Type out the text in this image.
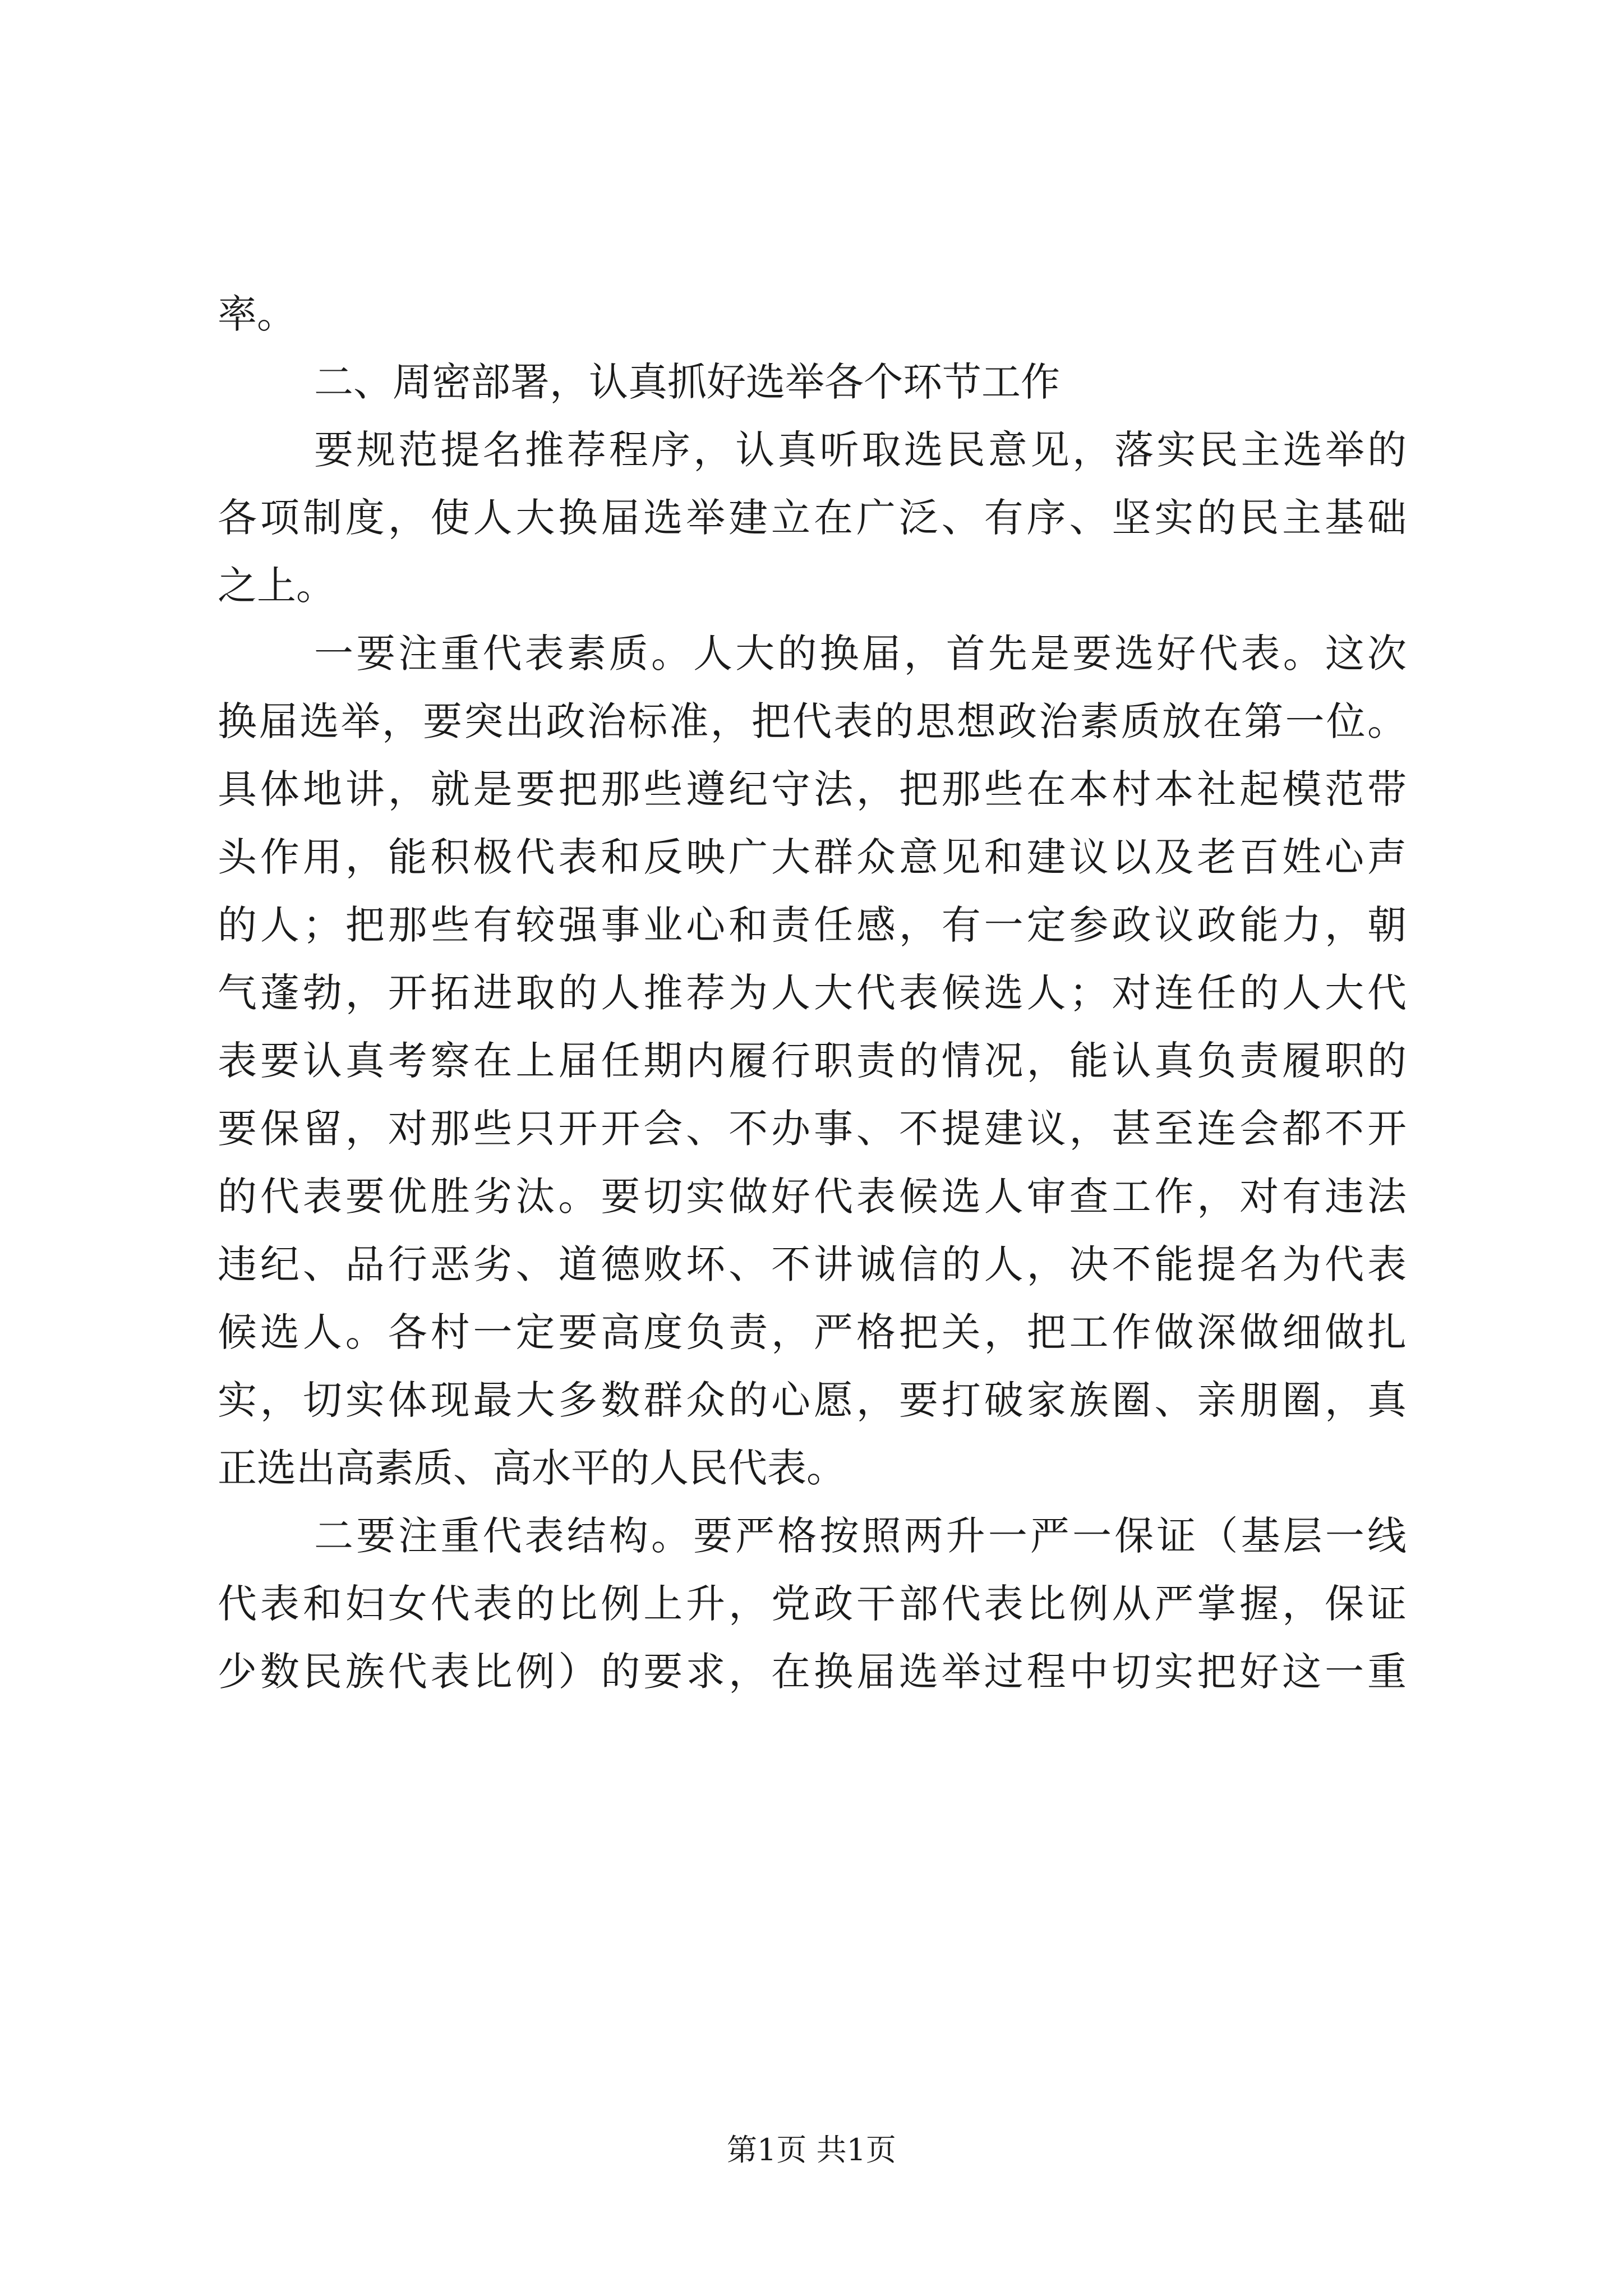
率。
二、周密部署，认真抓好选举各个环节工作
要规范提名推荐程序，认真听取选民意见，落实民主选举的
各项制度，使人大换届选举建立在广泛、有序、坚实的民主基础
之上。
一要注重代表素质。人大的换届，首先是要选好代表。这次
换届选举，要突出政治标准，把代表的思想政治素质放在第一位。
具体地讲，就是要把那些遵纪守法，把那些在本村本社起模范带
头作用，能积极代表和反映广大群众意见和建议以及老百姓心声
的人；把那些有较强事业心和责任感，有一定参政议政能力，朝
气蓬勃，开拓进取的人推荐为人大代表候选人；对连任的人大代
表要认真考察在上届任期内履行职责的情况，能认真负责履职的
要保留，对那些只开开会、不办事、不提建议，甚至连会都不开
的代表要优胜劣汰。要切实做好代表候选人审查工作，对有违法
违纪、品行恶劣、道德败坏、不讲诚信的人，决不能提名为代表
候选人。各村一定要高度负责，严格把关，把工作做深做细做扎
实，切实体现最大多数群众的心愿，要打破家族圈、亲朋圈，真
正选出高素质、高水平的人民代表。
二要注重代表结构。要严格按照两升一严一保证（基层一线
代表和妇女代表的比例上升，党政干部代表比例从严掌握，保证
少数民族代表比例）的要求，在换届选举过程中切实把好这一重
第1页 共1页
